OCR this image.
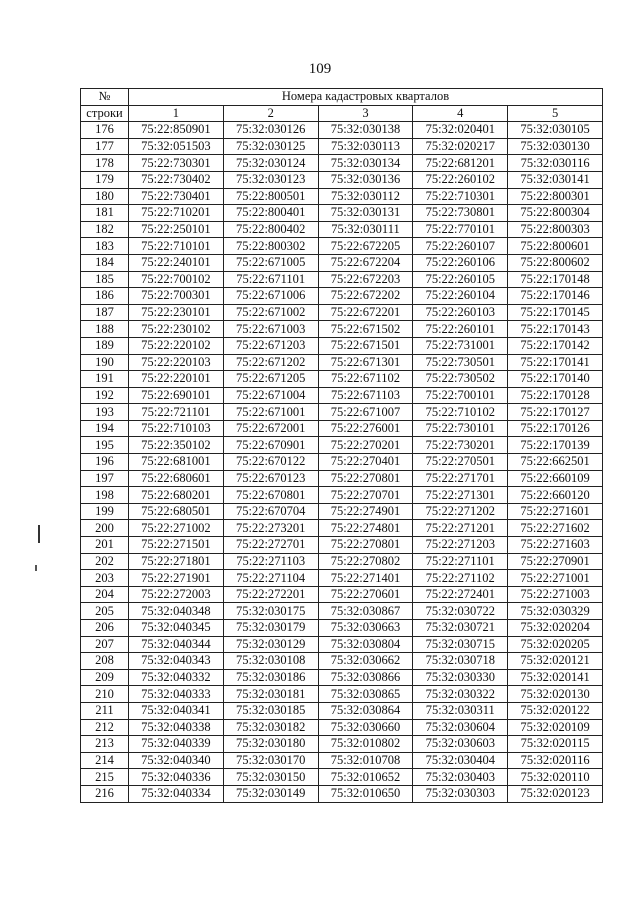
109
№	Номера кадастровых кварталов				
строки	1	2	3	4	5
176	75:22:850901	75:32:030126	75:32:030138	75:32:020401	75:32:030105
177	75:32:051503	75:32:030125	75:32:030113	75:32:020217	75:32:030130
178	75:22:730301	75:32:030124	75:32:030134	75:22:681201	75:32:030116
179	75:22:730402	75:32:030123	75:32:030136	75:22:260102	75:32:030141
180	75:22:730401	75:22:800501	75:32:030112	75:22:710301	75:22:800301
181	75:22:710201	75:22:800401	75:32:030131	75:22:730801	75:22:800304
182	75:22:250101	75:22:800402	75:32:030111	75:22:770101	75:22:800303
183	75:22:710101	75:22:800302	75:22:672205	75:22:260107	75:22:800601
184	75:22:240101	75:22:671005	75:22:672204	75:22:260106	75:22:800602
185	75:22:700102	75:22:671101	75:22:672203	75:22:260105	75:22:170148
186	75:22:700301	75:22:671006	75:22:672202	75:22:260104	75:22:170146
187	75:22:230101	75:22:671002	75:22:672201	75:22:260103	75:22:170145
188	75:22:230102	75:22:671003	75:22:671502	75:22:260101	75:22:170143
189	75:22:220102	75:22:671203	75:22:671501	75:22:731001	75:22:170142
190	75:22:220103	75:22:671202	75:22:671301	75:22:730501	75:22:170141
191	75:22:220101	75:22:671205	75:22:671102	75:22:730502	75:22:170140
192	75:22:690101	75:22:671004	75:22:671103	75:22:700101	75:22:170128
193	75:22:721101	75:22:671001	75:22:671007	75:22:710102	75:22:170127
194	75:22:710103	75:22:672001	75:22:276001	75:22:730101	75:22:170126
195	75:22:350102	75:22:670901	75:22:270201	75:22:730201	75:22:170139
196	75:22:681001	75:22:670122	75:22:270401	75:22:270501	75:22:662501
197	75:22:680601	75:22:670123	75:22:270801	75:22:271701	75:22:660109
198	75:22:680201	75:22:670801	75:22:270701	75:22:271301	75:22:660120
199	75:22:680501	75:22:670704	75:22:274901	75:22:271202	75:22:271601
200	75:22:271002	75:22:273201	75:22:274801	75:22:271201	75:22:271602
201	75:22:271501	75:22:272701	75:22:270801	75:22:271203	75:22:271603
202	75:22:271801	75:22:271103	75:22:270802	75:22:271101	75:22:270901
203	75:22:271901	75:22:271104	75:22:271401	75:22:271102	75:22:271001
204	75:22:272003	75:22:272201	75:22:270601	75:22:272401	75:22:271003
205	75:32:040348	75:32:030175	75:32:030867	75:32:030722	75:32:030329
206	75:32:040345	75:32:030179	75:32:030663	75:32:030721	75:32:020204
207	75:32:040344	75:32:030129	75:32:030804	75:32:030715	75:32:020205
208	75:32:040343	75:32:030108	75:32:030662	75:32:030718	75:32:020121
209	75:32:040332	75:32:030186	75:32:030866	75:32:030330	75:32:020141
210	75:32:040333	75:32:030181	75:32:030865	75:32:030322	75:32:020130
211	75:32:040341	75:32:030185	75:32:030864	75:32:030311	75:32:020122
212	75:32:040338	75:32:030182	75:32:030660	75:32:030604	75:32:020109
213	75:32:040339	75:32:030180	75:32:010802	75:32:030603	75:32:020115
214	75:32:040340	75:32:030170	75:32:010708	75:32:030404	75:32:020116
215	75:32:040336	75:32:030150	75:32:010652	75:32:030403	75:32:020110
216	75:32:040334	75:32:030149	75:32:010650	75:32:030303	75:32:020123
